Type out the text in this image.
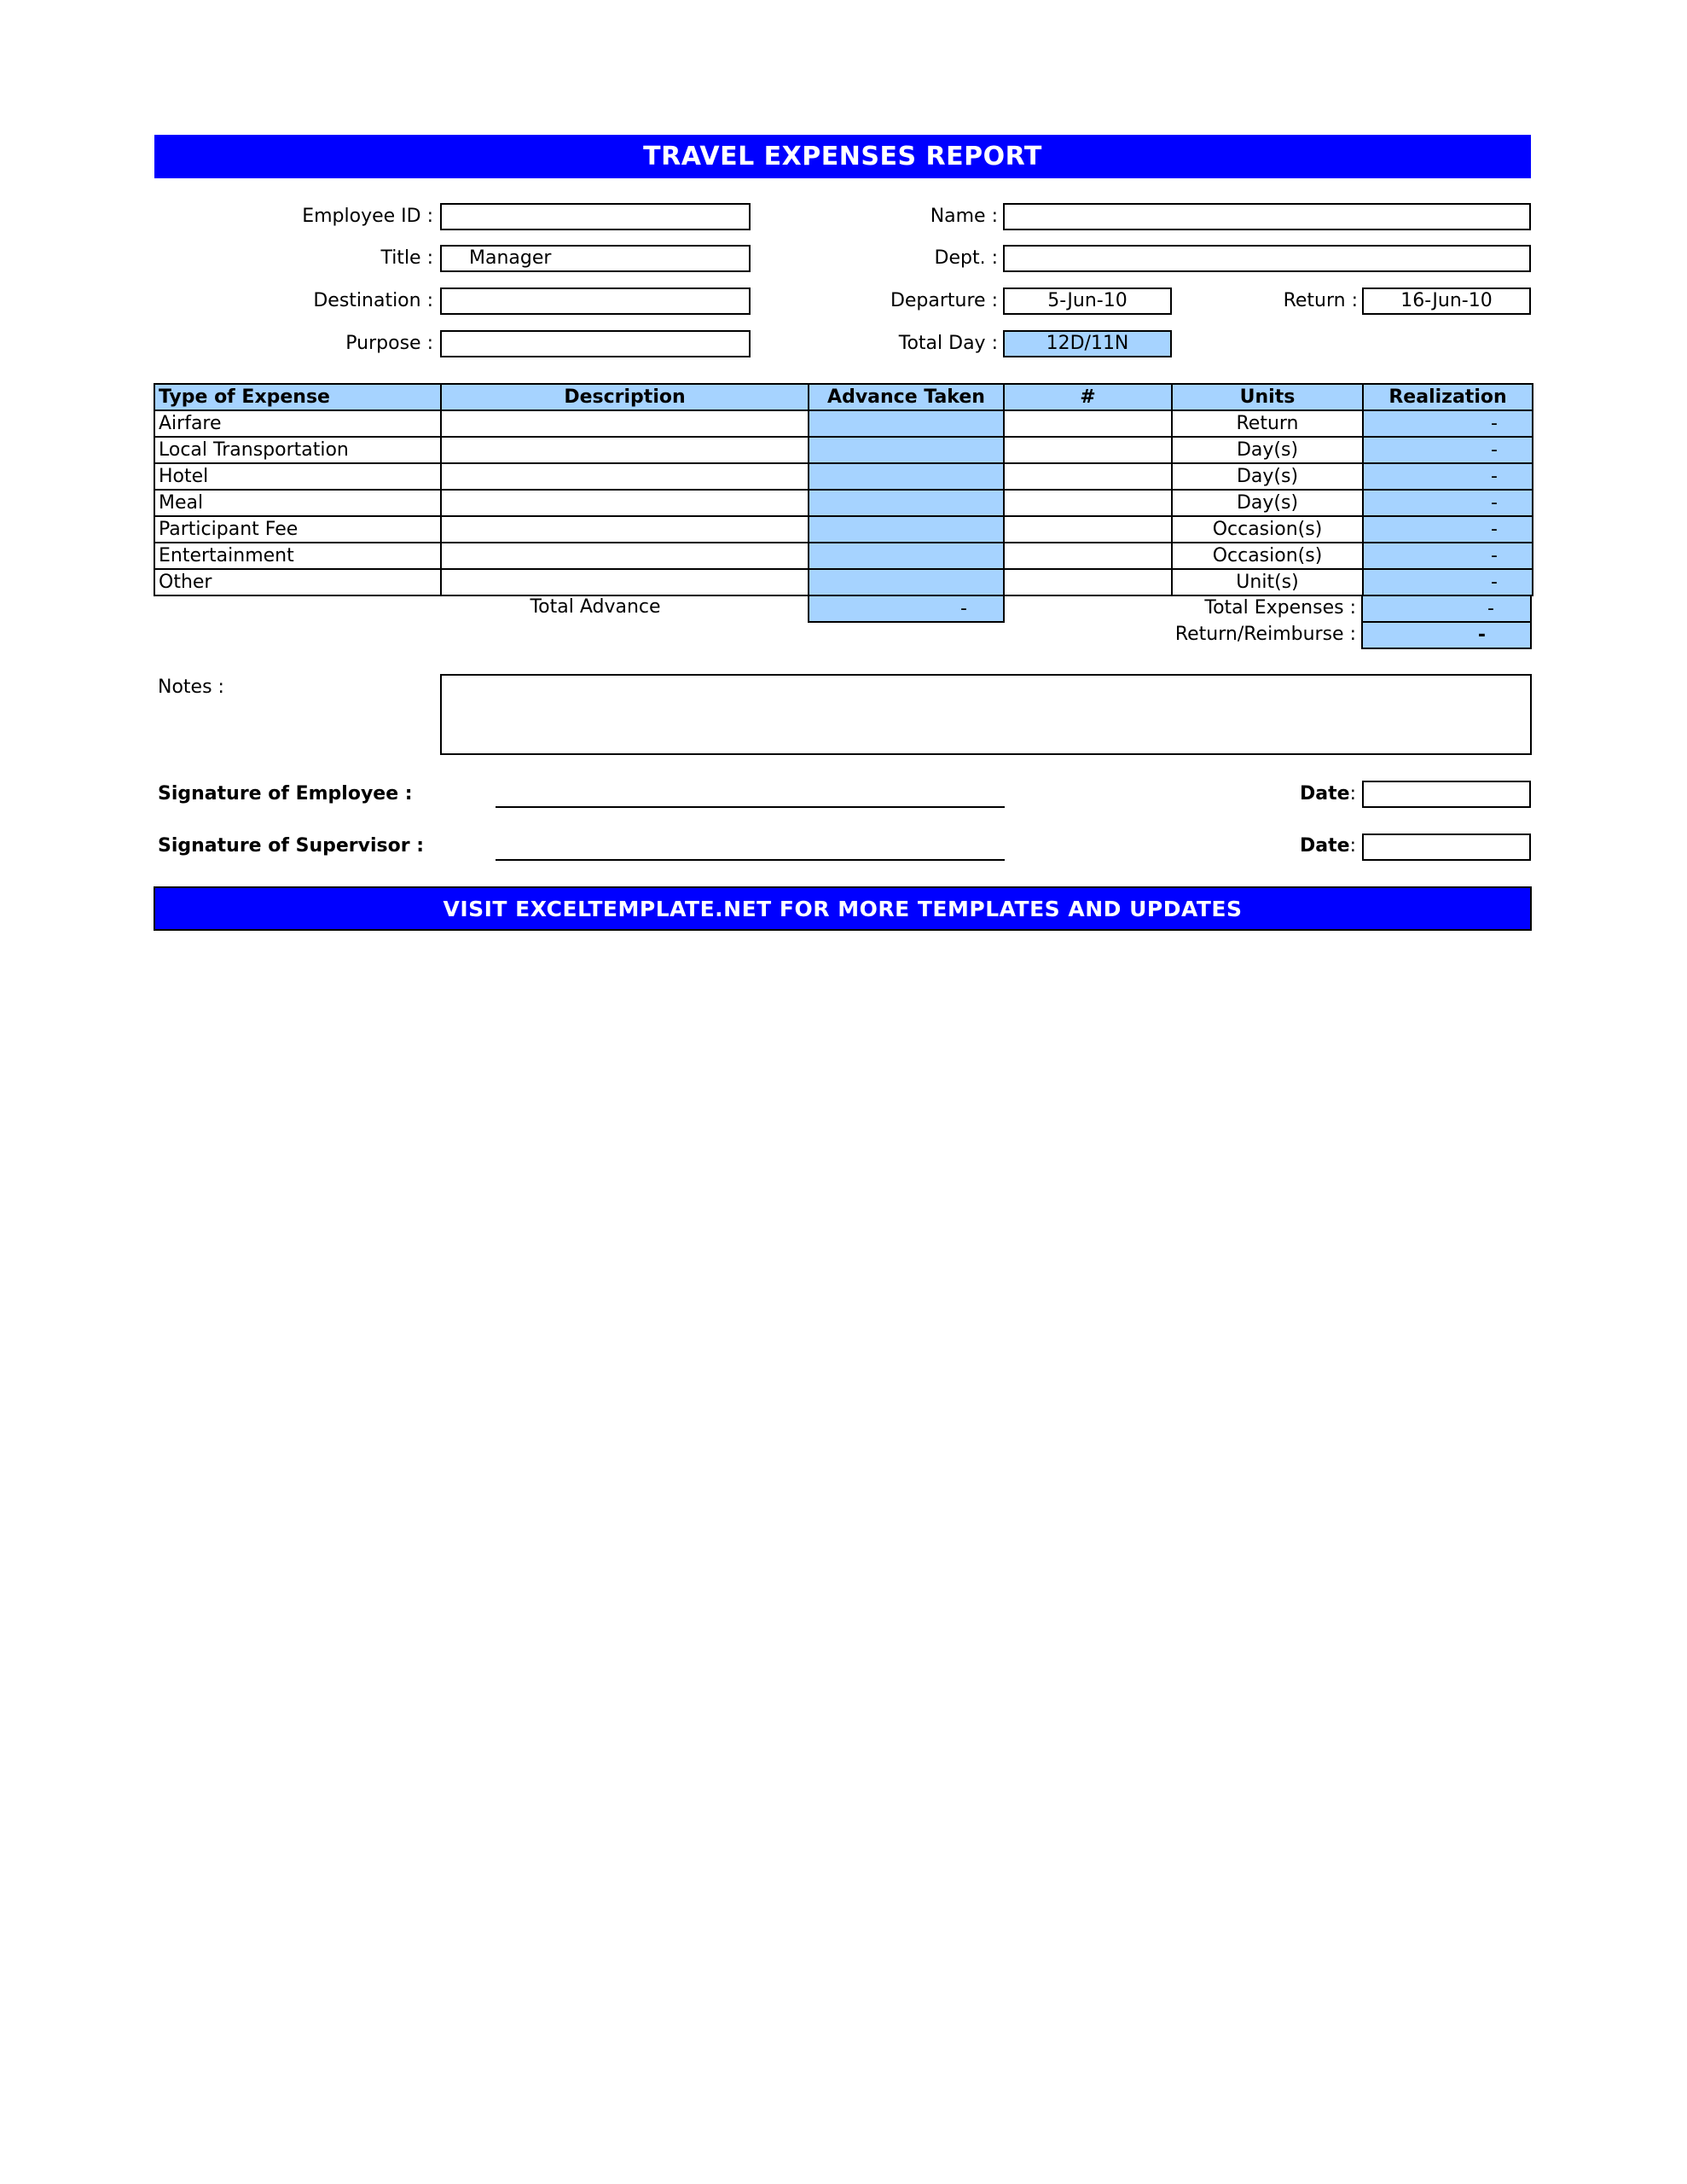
TRAVEL EXPENSES REPORT
Employee ID :	Name :
Title :	Manager	Dept. :
Destination :	Departure :	5-Jun-10	Return :	16-Jun-10
Purpose :	Total Day :	12D/11N
Type of Expense	Description	Advance Taken	#	Units	Realization
Airfare				Return	-
Local Transportation				Day(s)	-
Hotel				Day(s)	-
Meal				Day(s)	-
Participant Fee				Occasion(s)	-
Entertainment				Occasion(s)	-
Other				Unit(s)	-
Total Advance	-	Total Expenses :	-
Return/Reimburse :	-
Notes :
Signature of Employee :	Date:
Signature of Supervisor :	Date:
VISIT EXCELTEMPLATE.NET FOR MORE TEMPLATES AND UPDATES
